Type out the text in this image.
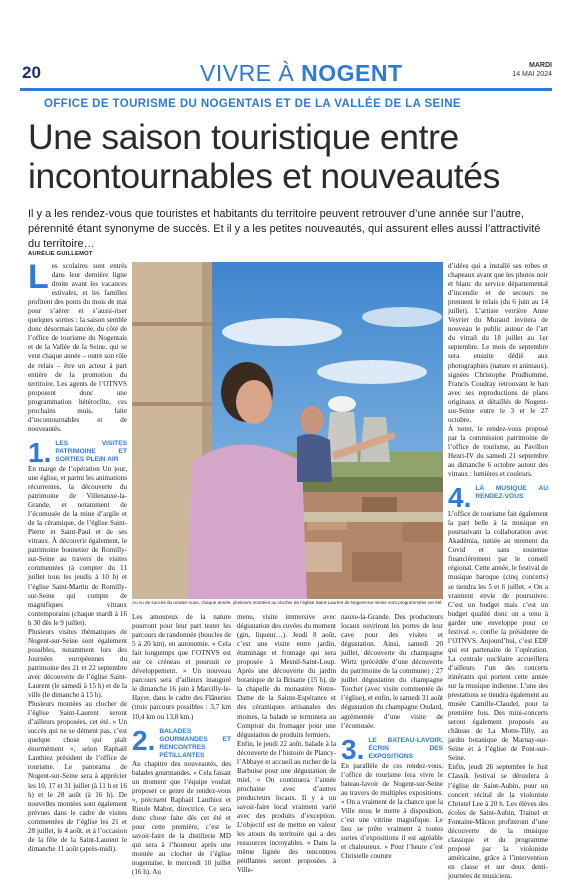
20	VIVRE À NOGENT	MARDI
14 MAI 2024
OFFICE DE TOURISME DU NOGENTAIS ET DE LA VALLÉE DE LA SEINE
Une saison touristique entre
incontournables et nouveautés
Il y a les rendez-vous que touristes et habitants du territoire peuvent retrouver d’une année sur l’autre, pérennité étant synonyme de succès. Et il y a les petites nouveautés, qui assurent elles aussi l’attractivité du territoire…
AURÉLIE GUILLEMOT
L es scolaires sont entrés dans leur dernière ligne droite avant les vacances estivales, et les familles profitent des ponts du mois de mai pour s’aérer et s’aussi-riser quelques sorties : la saison semble donc désormais lancée, du côté de l’office de tourisme du Nogentais et de la Vallée de la Seine, qui se veut chaque année – outre son rôle de relais – être un acteur à part entière de la promotion du territoire. Les agents de l’OTNVS proposent donc une programmation hétéroclite, ces prochains mois, faite d’incontournables et de nouveautés.

1. LES VISITES PATRIMOINE ET SORTIES PLEIN AIR

En marge de l’opération Un jour, une église, et parmi les animations récurrentes, la découverte du patrimoine de Villenauxe-la-Grande, et notamment de l’écomusée de la mine d’argile et de la céramique, de l’église Saint-Pierre et Saint-Paul et de ses vitraux. À découvrir également, le patrimoine bonnetier de Romilly-sur-Seine au travers de visites commentées (à compter du 11 juillet tous les jeudis à 10 h) et l’église Saint-Martin de Romilly-sur-Seine qui compte de magnifiques vitraux contemporains (chaque mardi à 16 h 30 dès le 9 juillet).

Plusieurs visites thématiques de Nogent-sur-Seine sont également possibles, notamment lors des Journées européennes du patrimoine des 21 et 22 septembre avec découverte de l’église Saint-Laurent (le samedi à 15 h) et de la ville (le dimanche à 15 h).

Plusieurs montées au clocher de l’église Saint-Laurent seront d’ailleurs proposées, cet été. « Un succès qui ne se dément pas, c’est quelque chose qui plaît énormément », selon Raphaël Lanthiez président de l’office de tourisme. Le panorama de Nogent-sur-Seine sera à apprécier les 10, 17 et 31 juillet (à 11 h et 16 h) et le 28 août (à 16 h). De nouvelles montées sont également prévues dans le cadre de visites commentées de l’église les 21 et 28 juillet, le 4 août, et à l’occasion de la fête de la Saint-Laurent le dimanche 11 août (après-midi).

Au vu de succès du rendez-vous, chaque année, plusieurs montées au clocher de l’église Saint-Laurent de Nogent-sur-Seine sont programmées cet été.

Les amoureux de la nature pourront pour leur part tester les parcours de randonnée (boucles de 5 à 20 km), en autonomie. « Cela fait longtemps que l’OTNVS est sur ce créneau et poursuit ce développement. » Un nouveau parcours sera d’ailleurs inauguré le dimanche 16 juin à Marcilly-le-Hayer, dans le cadre des Flâneries (trois parcours possibles : 3,7 km 10,4 km ou 13,8 km.)

2. BALADES GOURMANDES ET RENCONTRES PÉTILLANTES

Au chapitre des nouveautés, des balades gourmandes. « Cela faisait un moment que l’équipe voulait proposer ce genre de rendez-vous », précisent Raphaël Lanthiez et Rieule Mabot, directrice. Ce sera donc chose faite dès cet été et pour cette première, c’est le savoir-faire de la distillerie MD qui sera à l’honneur après une montée au clocher de l’église nogentaise, le mercredi 10 juillet (16 h). Au

menu, visite immersive avec dégustation des cuvées du moment (gin, liqueur…). Jeudi 8 août, c’est une visite entre jardin, étuminage et fromage qui sera proposée à Mesnil-Saint-Loup. Après une découverte du jardin botanique de la Brisatte (15 h), de la chapelle du monastère Notre-Dame de la Sainte-Espérance et des céramiques artisanales des moines, la balade se terminera au Comptoir du fromager pour une dégustation de produits fermiers.

Enfin, le jeudi 22 août, balade à la découverte de l’histoire de Plancy-l’Abbaye et accueil au rucher de la Barbuise pour une dégustation de miel. « On continuera l’année prochaine avec d’autres producteurs locaux. Il y a un savoir-faire local vraiment varié avec des produits d’exception. L’objectif est de mettre en valeur les atouts du territoire qui a des ressources incroyables. » Dans la même lignée des rencontres pétillantes seront proposées à Ville-

nauxe-la-Grande. Des producteurs locaux ouvriront les portes de leur cave pour des visites et dégustation. Ainsi, samedi 20 juillet, découverte du champagne Wirtz (précédée d’une découverte du patrimoine de la commune) ; 27 juillet dégustation du champagne Torchet (avec visite commentée de l’église), et enfin, le samedi 31 août dégustation du champagne Oudard, agrémentée d’une visite de l’écomusée.

3. LE BATEAU-LAVOIR, ÉCRIN DES EXPOSITIONS

En parallèle de ces rendez-vous, l’office de tourisme fera vivre le bateau-lavoir de Nogent-sur-Seine au travers de multiples expositions. « On a vraiment de la chance que la Ville nous le mette à disposition, c’est une vitrine magnifique. Le lieu se prête vraiment à toutes sortes d’expositions il est agréable et chaleureux. » Pour l’heure c’est Christelle couture

d’idées qui a installé ses robes et chapeaux avant que les photos noir et blanc du service départemental d’incendie et de secours ne prennent le relais (du 6 juin au 14 juillet). L’artiste verrière Anne Veyrier du Muraud invitera de nouveau le public autour de l’art du vitrail du 18 juillet au 1er septembre. Le mois de septembre sera ensuite dédié aux photographies (nature et animaux), signées Christophe Prudhomme, Francis Coudray retrouvant le ban avec ses reproductions de plans originaux et détaillés de Nogent-sur-Seine entre le 3 et le 27 octobre.

À noter, le rendez-vous proposé par la commission patrimoine de l’office de tourisme, au Pavillon Henri-IV du samedi 21 septembre au dimanche 6 octobre autour des vitraux : lumières et couleurs.

4. LA MUSIQUE AU RENDEZ-VOUS

L’office de tourisme fait également la part belle à la musique en poursuivant la collaboration avec Akadémia, initiée au moment du Covid et sans soutenue financièrement par le conseil régional. Cette année, le festival de musique baroque (cinq concerts) se tiendra les 5 et 6 juillet. « On a vraiment envie de poursuivre. C’est un budget mais c’est un budget qualité donc on a tenu à garder une enveloppe pour ce festival », confie la présidente de l’OTNVS. Aujourd’hui, c’est EDF qui est partenaire de l’opération. La centrale nucléaire accueillera d’ailleurs l’un des concerts itinérants qui portent cette année sur la musique indienne. L’une des prestations se tiendra également au musée Camille-Claudel, pour la première fois. Des mini-concerts seront également proposés au château de La Motte-Tilly, au jardin botanique de Marnay-sur-Seine et à l’église de Pont-sur-Seine.

Enfin, jeudi 26 septembre le Just Classik festival se déroulera à l’église de Saint-Aubin, pour un concert récital de la violoniste Christel Lee à 20 h. Les élèves des écoles de Saint-Aubin, Trainel et Fontaine-Mâcon profiteront d’une découverte de la musique classique et du programme proposé par la violoniste américaine, grâce à l’intervention en classe et sur deux demi-journées de musiciens.
